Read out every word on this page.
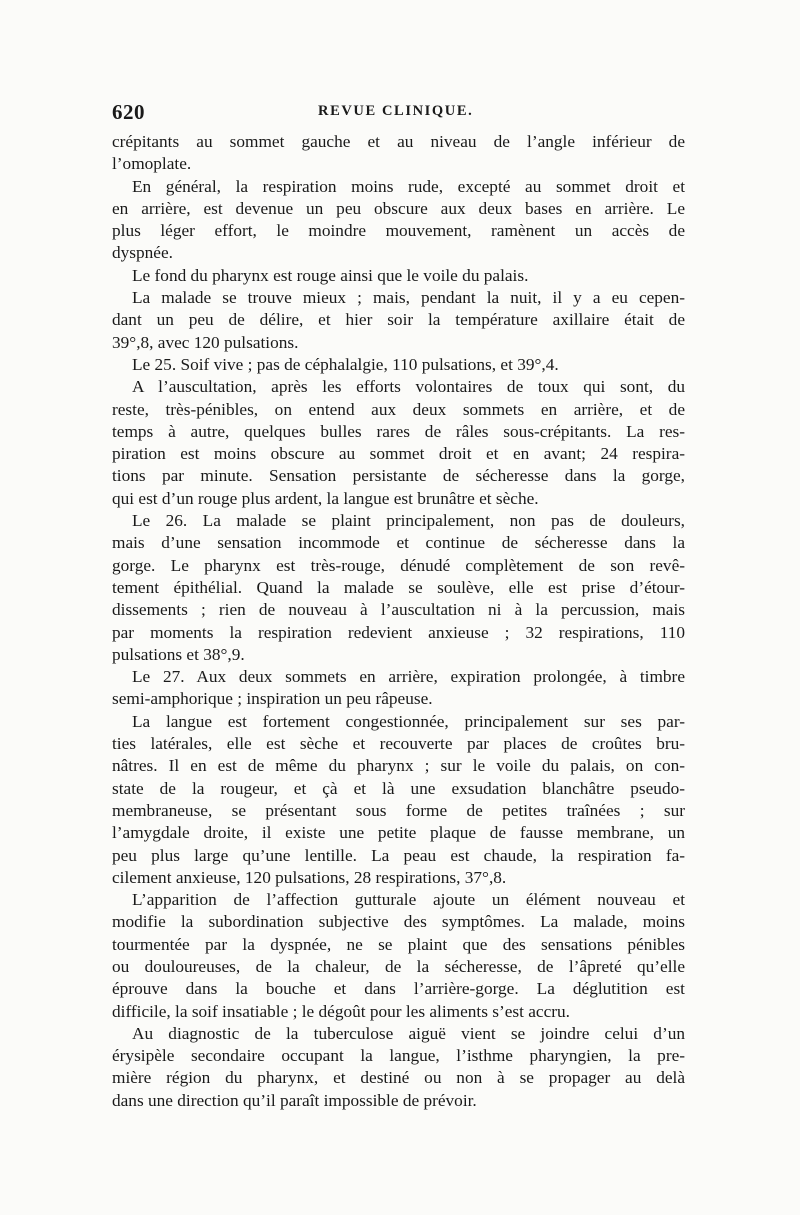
620	REVUE CLINIQUE.
crépitants au sommet gauche et au niveau de l’angle inférieur de
l’omoplate.
En général, la respiration moins rude, excepté au sommet droit et
en arrière, est devenue un peu obscure aux deux bases en arrière. Le
plus léger effort, le moindre mouvement, ramènent un accès de
dyspnée.
Le fond du pharynx est rouge ainsi que le voile du palais.
La malade se trouve mieux ; mais, pendant la nuit, il y a eu cepen-
dant un peu de délire, et hier soir la température axillaire était de
39°,8, avec 120 pulsations.
Le 25. Soif vive ; pas de céphalalgie, 110 pulsations, et 39°,4.
A l’auscultation, après les efforts volontaires de toux qui sont, du
reste, très-pénibles, on entend aux deux sommets en arrière, et de
temps à autre, quelques bulles rares de râles sous-crépitants. La res-
piration est moins obscure au sommet droit et en avant; 24 respira-
tions par minute. Sensation persistante de sécheresse dans la gorge,
qui est d’un rouge plus ardent, la langue est brunâtre et sèche.
Le 26. La malade se plaint principalement, non pas de douleurs,
mais d’une sensation incommode et continue de sécheresse dans la
gorge. Le pharynx est très-rouge, dénudé complètement de son revê-
tement épithélial. Quand la malade se soulève, elle est prise d’étour-
dissements ; rien de nouveau à l’auscultation ni à la percussion, mais
par moments la respiration redevient anxieuse ; 32 respirations, 110
pulsations et 38°,9.
Le 27. Aux deux sommets en arrière, expiration prolongée, à timbre
semi-amphorique ; inspiration un peu râpeuse.
La langue est fortement congestionnée, principalement sur ses par-
ties latérales, elle est sèche et recouverte par places de croûtes bru-
nâtres. Il en est de même du pharynx ; sur le voile du palais, on con-
state de la rougeur, et çà et là une exsudation blanchâtre pseudo-
membraneuse, se présentant sous forme de petites traînées ; sur
l’amygdale droite, il existe une petite plaque de fausse membrane, un
peu plus large qu’une lentille. La peau est chaude, la respiration fa-
cilement anxieuse, 120 pulsations, 28 respirations, 37°,8.
L’apparition de l’affection gutturale ajoute un élément nouveau et
modifie la subordination subjective des symptômes. La malade, moins
tourmentée par la dyspnée, ne se plaint que des sensations pénibles
ou douloureuses, de la chaleur, de la sécheresse, de l’âpreté qu’elle
éprouve dans la bouche et dans l’arrière-gorge. La déglutition est
difficile, la soif insatiable ; le dégoût pour les aliments s’est accru.
Au diagnostic de la tuberculose aiguë vient se joindre celui d’un
érysipèle secondaire occupant la langue, l’isthme pharyngien, la pre-
mière région du pharynx, et destiné ou non à se propager au delà
dans une direction qu’il paraît impossible de prévoir.
